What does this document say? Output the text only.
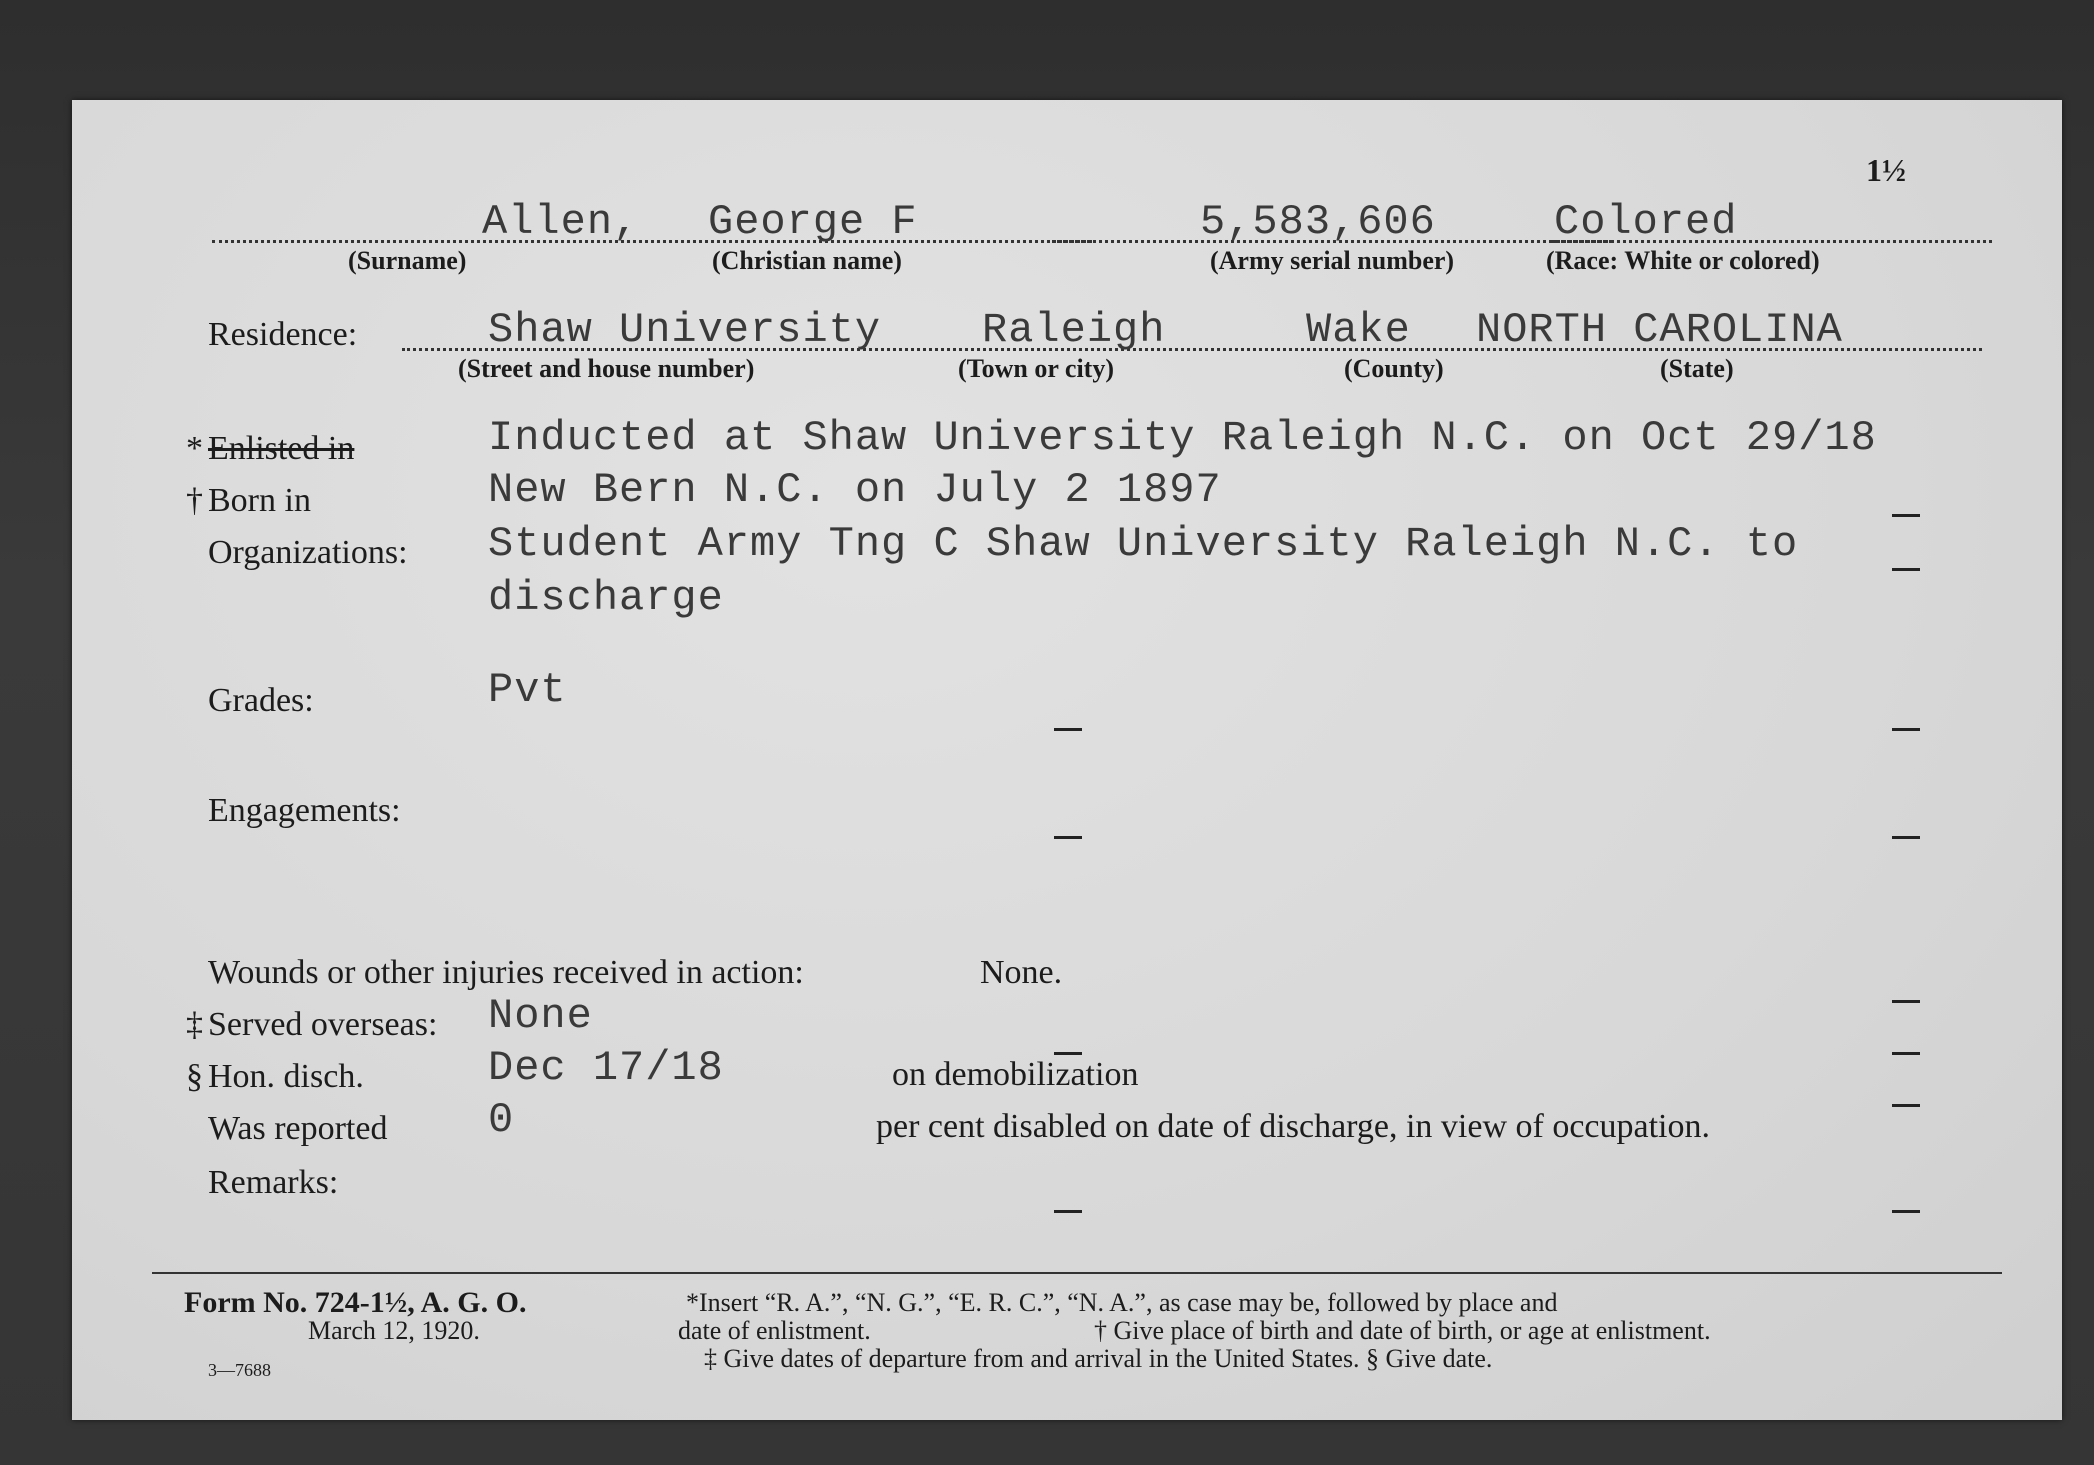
1½
Allen, George F	5,583,606	Colored
(Surname)	(Christian name)	(Army serial number)	(Race: White or colored)
Residence:	Shaw University Raleigh	Wake NORTH CAROLINA
(Street and house number)	(Town or city)	(County)	(State)
* Enlisted in	Inducted at Shaw University Raleigh N.C. on Oct 29/18
† Born in	New Bern N.C. on July 2 1897
Organizations: Student Army Tng C Shaw University Raleigh N.C. to
discharge
Grades:	Pvt
Engagements:
Wounds or other injuries received in action:	None.
‡ Served overseas: None
§ Hon. disch.	Dec 17/18	on demobilization
Was reported 0	per cent disabled on date of discharge, in view of occupation.
Remarks:
Form No. 724-1½, A. G. O.
March 12, 1920.
3—7688
*Insert “R. A.”, “N. G.”, “E. R. C.”, “N. A.”, as case may be, followed by place and
date of enlistment.	† Give place of birth and date of birth, or age at enlistment.
‡ Give dates of departure from and arrival in the United States. § Give date.
